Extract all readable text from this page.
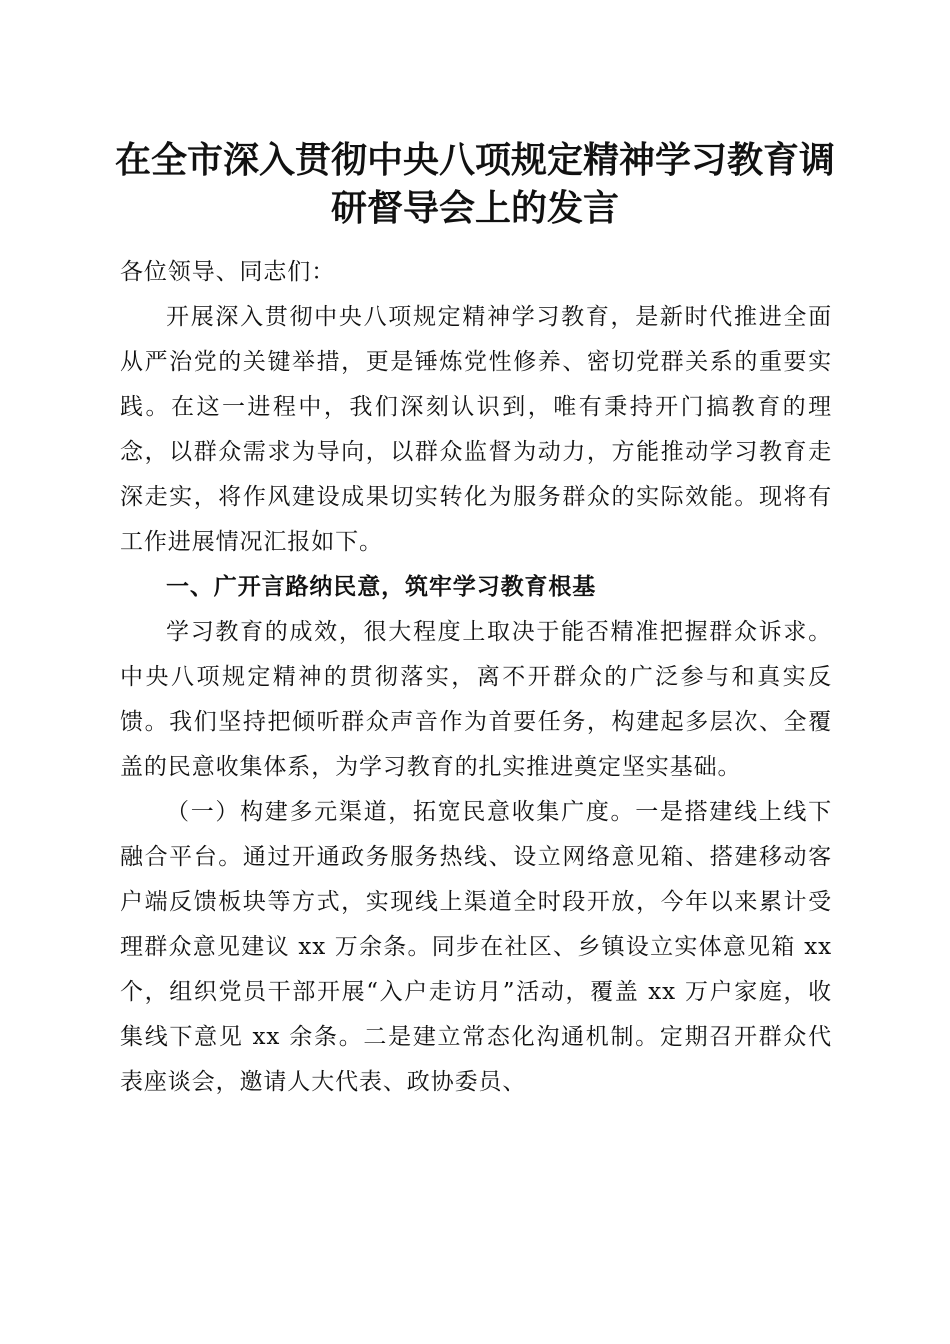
在全市深入贯彻中央八项规定精神学习教育调
研督导会上的发言

各位领导、同志们：

开展深入贯彻中央八项规定精神学习教育，是新时代推进全面从严治党的关键举措，更是锤炼党性修养、密切党群关系的重要实践。在这一进程中，我们深刻认识到，唯有秉持开门搞教育的理念，以群众需求为导向，以群众监督为动力，方能推动学习教育走深走实，将作风建设成果切实转化为服务群众的实际效能。现将有工作进展情况汇报如下。

一、广开言路纳民意，筑牢学习教育根基

学习教育的成效，很大程度上取决于能否精准把握群众诉求。中央八项规定精神的贯彻落实，离不开群众的广泛参与和真实反馈。我们坚持把倾听群众声音作为首要任务，构建起多层次、全覆盖的民意收集体系，为学习教育的扎实推进奠定坚实基础。

（一）构建多元渠道，拓宽民意收集广度。一是搭建线上线下融合平台。通过开通政务服务热线、设立网络意见箱、搭建移动客户端反馈板块等方式，实现线上渠道全时段开放，今年以来累计受理群众意见建议 xx 万余条。同步在社区、乡镇设立实体意见箱 xx 个，组织党员干部开展“入户走访月”活动，覆盖 xx 万户家庭，收集线下意见 xx 余条。二是建立常态化沟通机制。定期召开群众代表座谈会，邀请人大代表、政协委员、
